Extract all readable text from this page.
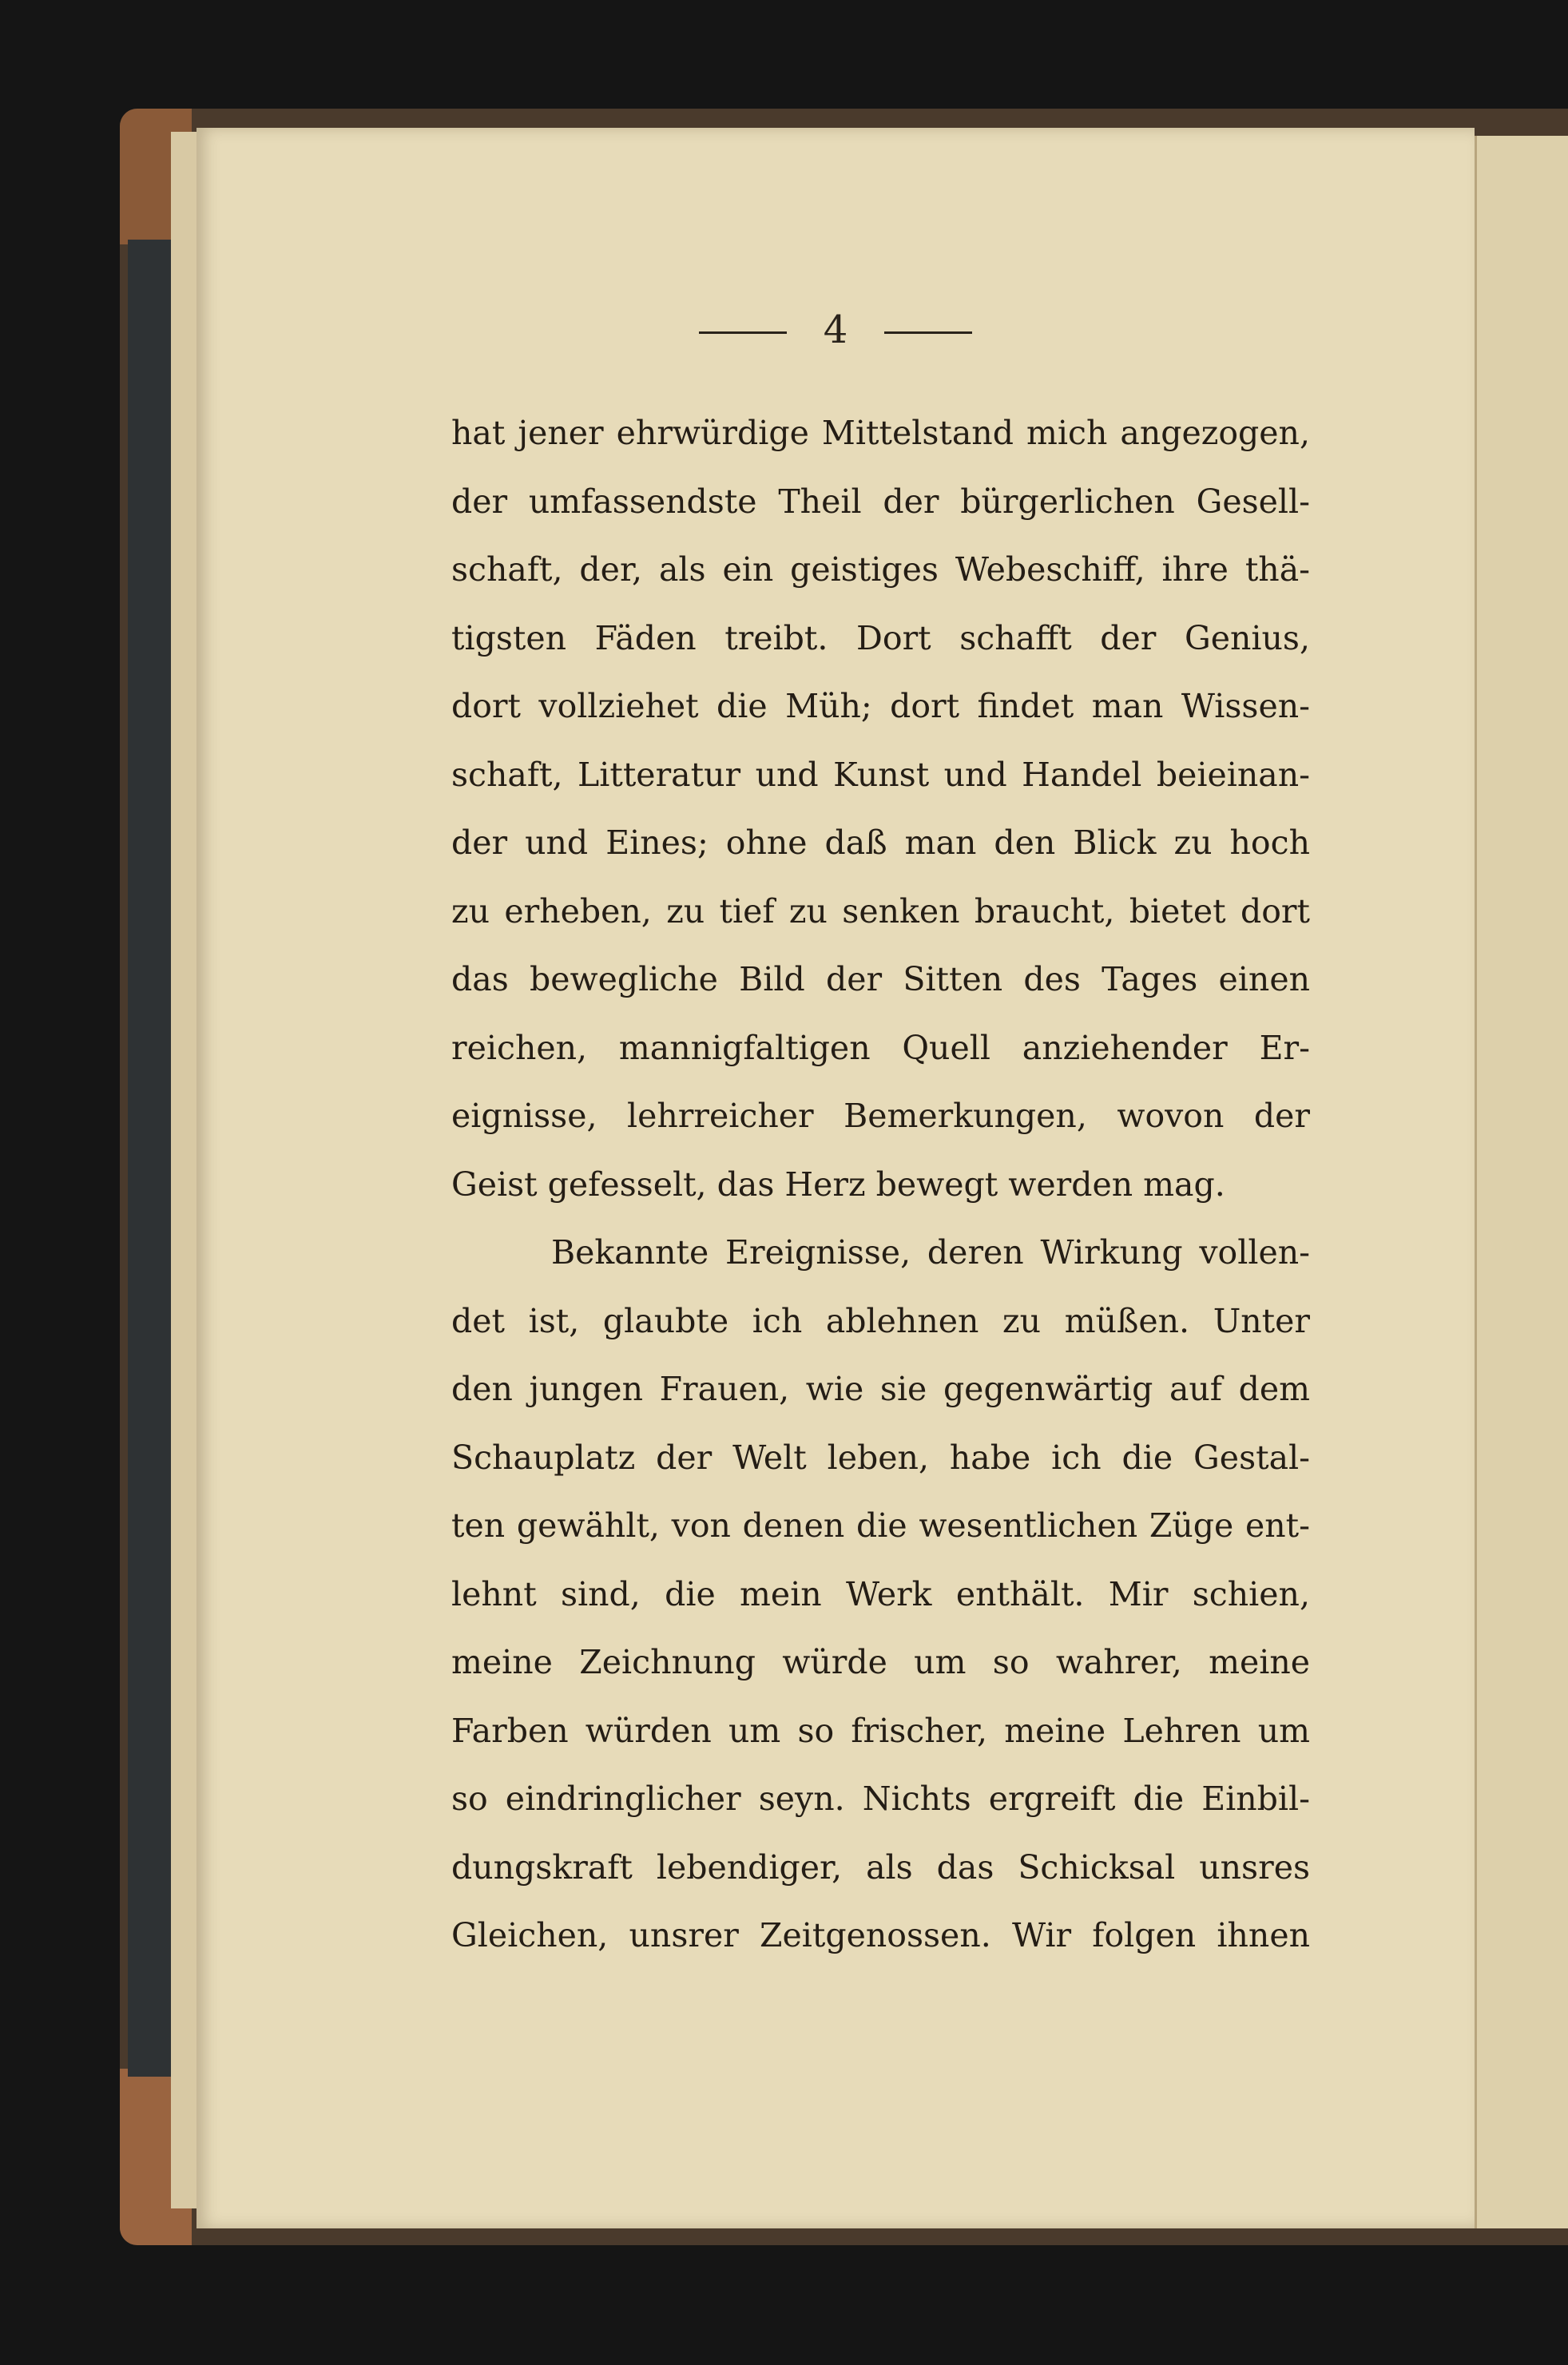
4
hat jener ehrwürdige Mittelstand mich angezogen,
der umfassendste Theil der bürgerlichen Gesell-
schaft, der, als ein geistiges Webeschiff, ihre thä-
tigsten Fäden treibt. Dort schafft der Genius,
dort vollziehet die Müh; dort findet man Wissen-
schaft, Litteratur und Kunst und Handel beieinan-
der und Eines; ohne daß man den Blick zu hoch
zu erheben, zu tief zu senken braucht, bietet dort
das bewegliche Bild der Sitten des Tages einen
reichen, mannigfaltigen Quell anziehender Er-
eignisse, lehrreicher Bemerkungen, wovon der
Geist gefesselt, das Herz bewegt werden mag.
Bekannte Ereignisse, deren Wirkung vollen-
det ist, glaubte ich ablehnen zu müßen. Unter
den jungen Frauen, wie sie gegenwärtig auf dem
Schauplatz der Welt leben, habe ich die Gestal-
ten gewählt, von denen die wesentlichen Züge ent-
lehnt sind, die mein Werk enthält. Mir schien,
meine Zeichnung würde um so wahrer, meine
Farben würden um so frischer, meine Lehren um
so eindringlicher seyn. Nichts ergreift die Einbil-
dungskraft lebendiger, als das Schicksal unsres
Gleichen, unsrer Zeitgenossen. Wir folgen ihnen
